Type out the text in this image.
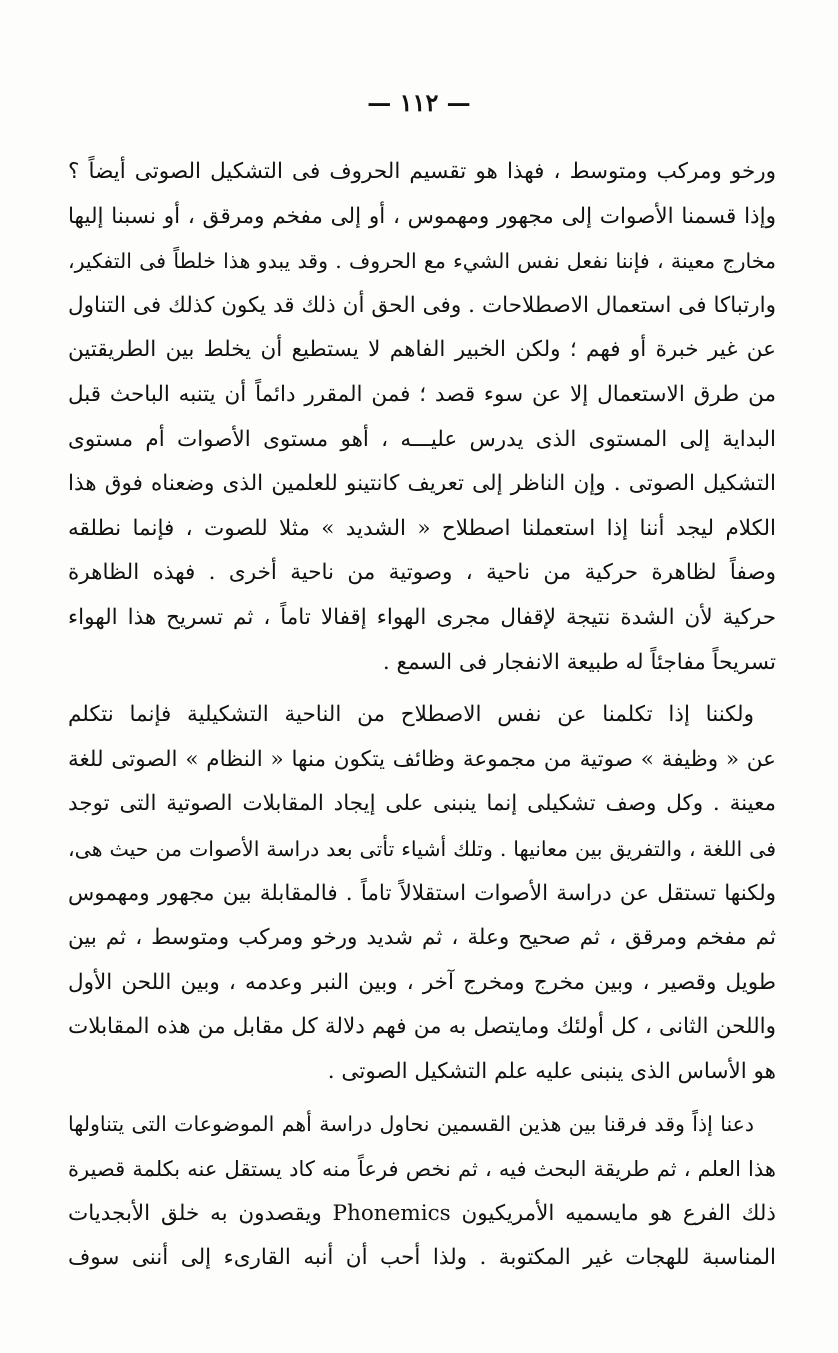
— ١١٢ —
ورخو ومركب ومتوسط ، فهذا هو تقسيم الحروف فى التشكيل الصوتى أيضاً ؟
وإذا قسمنا الأصوات إلى مجهور ومهموس ، أو إلى مفخم ومرقق ، أو نسبنا إليها
مخارج معينة ، فإننا نفعل نفس الشيء مع الحروف . وقد يبدو هذا خلطاً فى التفكير،
وارتباكا فى استعمال الاصطلاحات . وفى الحق أن ذلك قد يكون كذلك فى التناول
عن غير خبرة أو فهم ؛ ولكن الخبير الفاهم لا يستطيع أن يخلط بين الطريقتين
من طرق الاستعمال إلا عن سوء قصد ؛ فمن المقرر دائماً أن يتنبه الباحث قبل
البداية إلى المستوى الذى يدرس عليـــه ، أهو مستوى الأصوات أم مستوى
التشكيل الصوتى . وإن الناظر إلى تعريف كانتينو للعلمين الذى وضعناه فوق هذا
الكلام ليجد أننا إذا استعملنا اصطلاح « الشديد » مثلا للصوت ، فإنما نطلقه
وصفاً لظاهرة حركية من ناحية ، وصوتية من ناحية أخرى . فهذه الظاهرة
حركية لأن الشدة نتيجة لإقفال مجرى الهواء إقفالا تاماً ، ثم تسريح هذا الهواء
تسريحاً مفاجئاً له طبيعة الانفجار فى السمع .
ولكننا إذا تكلمنا عن نفس الاصطلاح من الناحية التشكيلية فإنما نتكلم
عن « وظيفة » صوتية من مجموعة وظائف يتكون منها « النظام » الصوتى للغة
معينة . وكل وصف تشكيلى إنما ينبنى على إيجاد المقابلات الصوتية التى توجد
فى اللغة ، والتفريق بين معانيها . وتلك أشياء تأتى بعد دراسة الأصوات من حيث هى،
ولكنها تستقل عن دراسة الأصوات استقلالاً تاماً . فالمقابلة بين مجهور ومهموس
ثم مفخم ومرقق ، ثم صحيح وعلة ، ثم شديد ورخو ومركب ومتوسط ، ثم بين
طويل وقصير ، وبين مخرج ومخرج آخر ، وبين النبر وعدمه ، وبين اللحن الأول
واللحن الثانى ، كل أولئك ومايتصل به من فهم دلالة كل مقابل من هذه المقابلات
هو الأساس الذى ينبنى عليه علم التشكيل الصوتى .
دعنا إذاً وقد فرقنا بين هذين القسمين نحاول دراسة أهم الموضوعات التى يتناولها
هذا العلم ، ثم طريقة البحث فيه ، ثم نخص فرعاً منه كاد يستقل عنه بكلمة قصيرة
ذلك الفرع هو مايسميه الأمريكيون Phonemics ويقصدون به خلق الأبجديات
المناسبة للهجات غير المكتوبة . ولذا أحب أن أنبه القارىء إلى أننى سوف
